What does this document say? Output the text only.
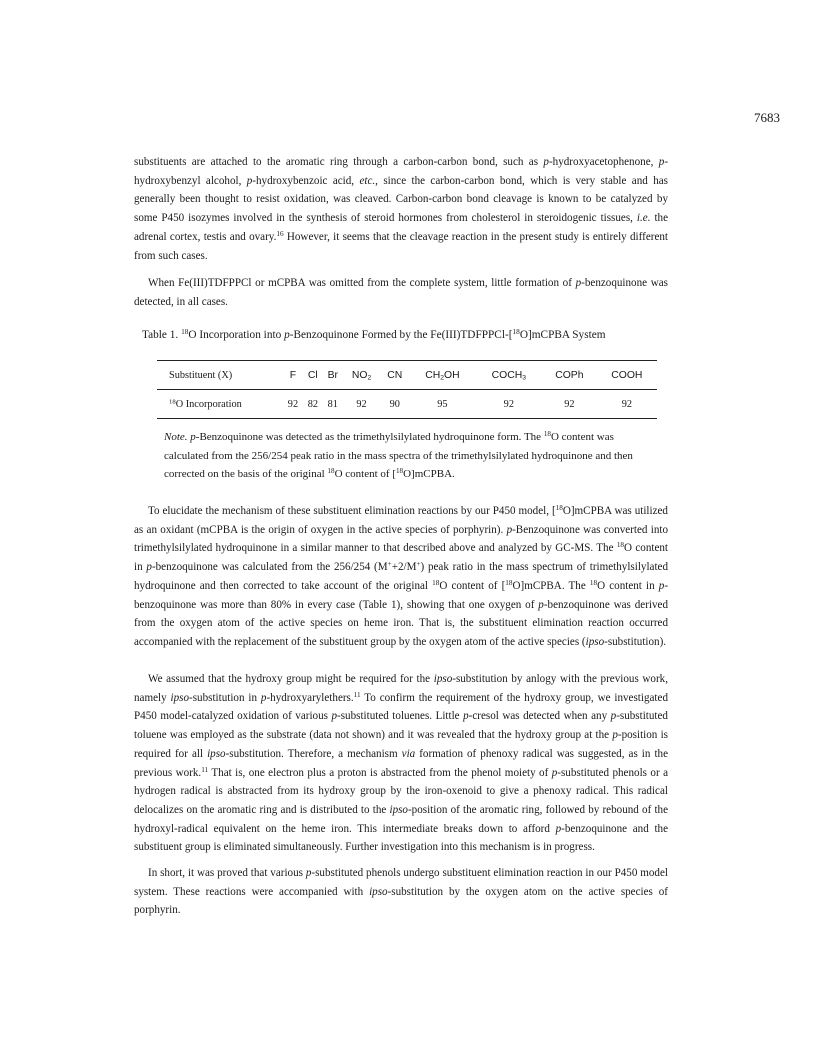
7683

substituents are attached to the aromatic ring through a carbon-carbon bond, such as p-hydroxyacetophenone, p-hydroxybenzyl alcohol, p-hydroxybenzoic acid, etc., since the carbon-carbon bond, which is very stable and has generally been thought to resist oxidation, was cleaved. Carbon-carbon bond cleavage is known to be catalyzed by some P450 isozymes involved in the synthesis of steroid hormones from cholesterol in steroidogenic tissues, i.e. the adrenal cortex, testis and ovary.$^{16}$ However, it seems that the cleavage reaction in the present study is entirely different from such cases.

When Fe(III)TDFPPCl or mCPBA was omitted from the complete system, little formation of p-benzoquinone was detected, in all cases.

Table 1. $^{18}$O Incorporation into p-Benzoquinone Formed by the Fe(III)TDFPPCl-[$^{18}$O]mCPBA System
Substituent (X)	F	Cl	Br	$NO_2$	CN	$CH_2OH$	$COCH_3$	COPh	COOH
$^{18}$O Incorporation	92	82	81	92	90	95	92	92	92

Note. p-Benzoquinone was detected as the trimethylsilylated hydroquinone form. The $^{18}$O content was calculated from the 256/254 peak ratio in the mass spectra of the trimethylsilylated hydroquinone and then corrected on the basis of the original $^{18}$O content of [$^{18}$O]mCPBA.

To elucidate the mechanism of these substituent elimination reactions by our P450 model, [$^{18}$O]mCPBA was utilized as an oxidant (mCPBA is the origin of oxygen in the active species of porphyrin). p-Benzoquinone was converted into trimethylsilylated hydroquinone in a similar manner to that described above and analyzed by GC-MS. The $^{18}$O content in p-benzoquinone was calculated from the 256/254 (M++2/M+) peak ratio in the mass spectrum of trimethylsilylated hydroquinone and then corrected to take account of the original $^{18}$O content of [$^{18}$O]mCPBA. The $^{18}$O content in p-benzoquinone was more than 80% in every case (Table 1), showing that one oxygen of p-benzoquinone was derived from the oxygen atom of the active species on heme iron. That is, the substituent elimination reaction occurred accompanied with the replacement of the substituent group by the oxygen atom of the active species (ipso-substitution).

We assumed that the hydroxy group might be required for the ipso-substitution by anlogy with the previous work, namely ipso-substitution in p-hydroxyarylethers.$^{11}$ To confirm the requirement of the hydroxy group, we investigated P450 model-catalyzed oxidation of various p-substituted toluenes. Little p-cresol was detected when any p-substituted toluene was employed as the substrate (data not shown) and it was revealed that the hydroxy group at the p-position is required for all ipso-substitution. Therefore, a mechanism via formation of phenoxy radical was suggested, as in the previous work.$^{11}$ That is, one electron plus a proton is abstracted from the phenol moiety of p-substituted phenols or a hydrogen radical is abstracted from its hydroxy group by the iron-oxenoid to give a phenoxy radical. This radical delocalizes on the aromatic ring and is distributed to the ipso-position of the aromatic ring, followed by rebound of the hydroxyl-radical equivalent on the heme iron. This intermediate breaks down to afford p-benzoquinone and the substituent group is eliminated simultaneously. Further investigation into this mechanism is in progress.

In short, it was proved that various p-substituted phenols undergo substituent elimination reaction in our P450 model system. These reactions were accompanied with ipso-substitution by the oxygen atom on the active species of porphyrin.
